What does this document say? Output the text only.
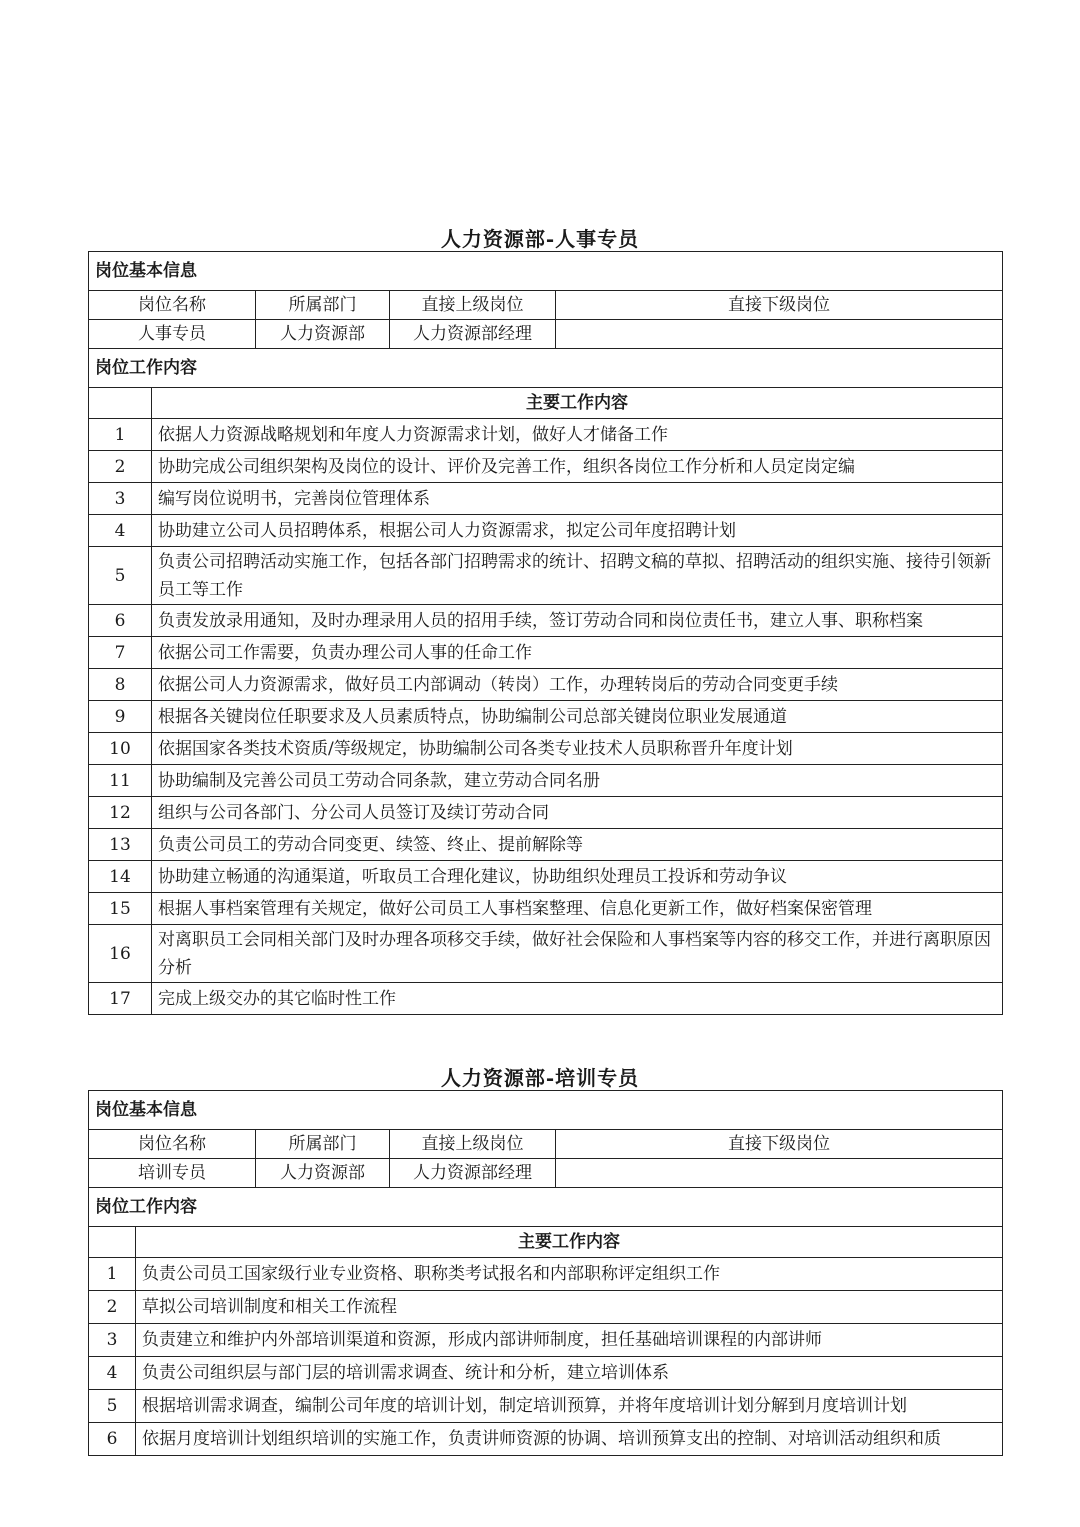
人力资源部-人事专员
岗位基本信息				
岗位名称		所属部门	直接上级岗位	直接下级岗位
人事专员		人力资源部	人力资源部经理	
岗位工作内容				
	主要工作内容			
1	依据人力资源战略规划和年度人力资源需求计划，做好人才储备工作			
2	协助完成公司组织架构及岗位的设计、评价及完善工作，组织各岗位工作分析和人员定岗定编			
3	编写岗位说明书，完善岗位管理体系			
4	协助建立公司人员招聘体系，根据公司人力资源需求，拟定公司年度招聘计划			
5	负责公司招聘活动实施工作，包括各部门招聘需求的统计、招聘文稿的草拟、招聘活动的组织实施、接待引领新员工等工作			
6	负责发放录用通知，及时办理录用人员的招用手续，签订劳动合同和岗位责任书，建立人事、职称档案			
7	依据公司工作需要，负责办理公司人事的任命工作			
8	依据公司人力资源需求，做好员工内部调动（转岗）工作，办理转岗后的劳动合同变更手续			
9	根据各关键岗位任职要求及人员素质特点，协助编制公司总部关键岗位职业发展通道			
10	依据国家各类技术资质/等级规定，协助编制公司各类专业技术人员职称晋升年度计划			
11	协助编制及完善公司员工劳动合同条款，建立劳动合同名册			
12	组织与公司各部门、分公司人员签订及续订劳动合同			
13	负责公司员工的劳动合同变更、续签、终止、提前解除等			
14	协助建立畅通的沟通渠道，听取员工合理化建议，协助组织处理员工投诉和劳动争议			
15	根据人事档案管理有关规定，做好公司员工人事档案整理、信息化更新工作，做好档案保密管理			
16	对离职员工会同相关部门及时办理各项移交手续，做好社会保险和人事档案等内容的移交工作，并进行离职原因分析			
17	完成上级交办的其它临时性工作			
人力资源部-培训专员
岗位基本信息				
岗位名称		所属部门	直接上级岗位	直接下级岗位
培训专员		人力资源部	人力资源部经理	
岗位工作内容				
	主要工作内容			
1	负责公司员工国家级行业专业资格、职称类考试报名和内部职称评定组织工作			
2	草拟公司培训制度和相关工作流程			
3	负责建立和维护内外部培训渠道和资源，形成内部讲师制度，担任基础培训课程的内部讲师			
4	负责公司组织层与部门层的培训需求调查、统计和分析，建立培训体系			
5	根据培训需求调查，编制公司年度的培训计划，制定培训预算，并将年度培训计划分解到月度培训计划			
6	依据月度培训计划组织培训的实施工作，负责讲师资源的协调、培训预算支出的控制、对培训活动组织和质			
